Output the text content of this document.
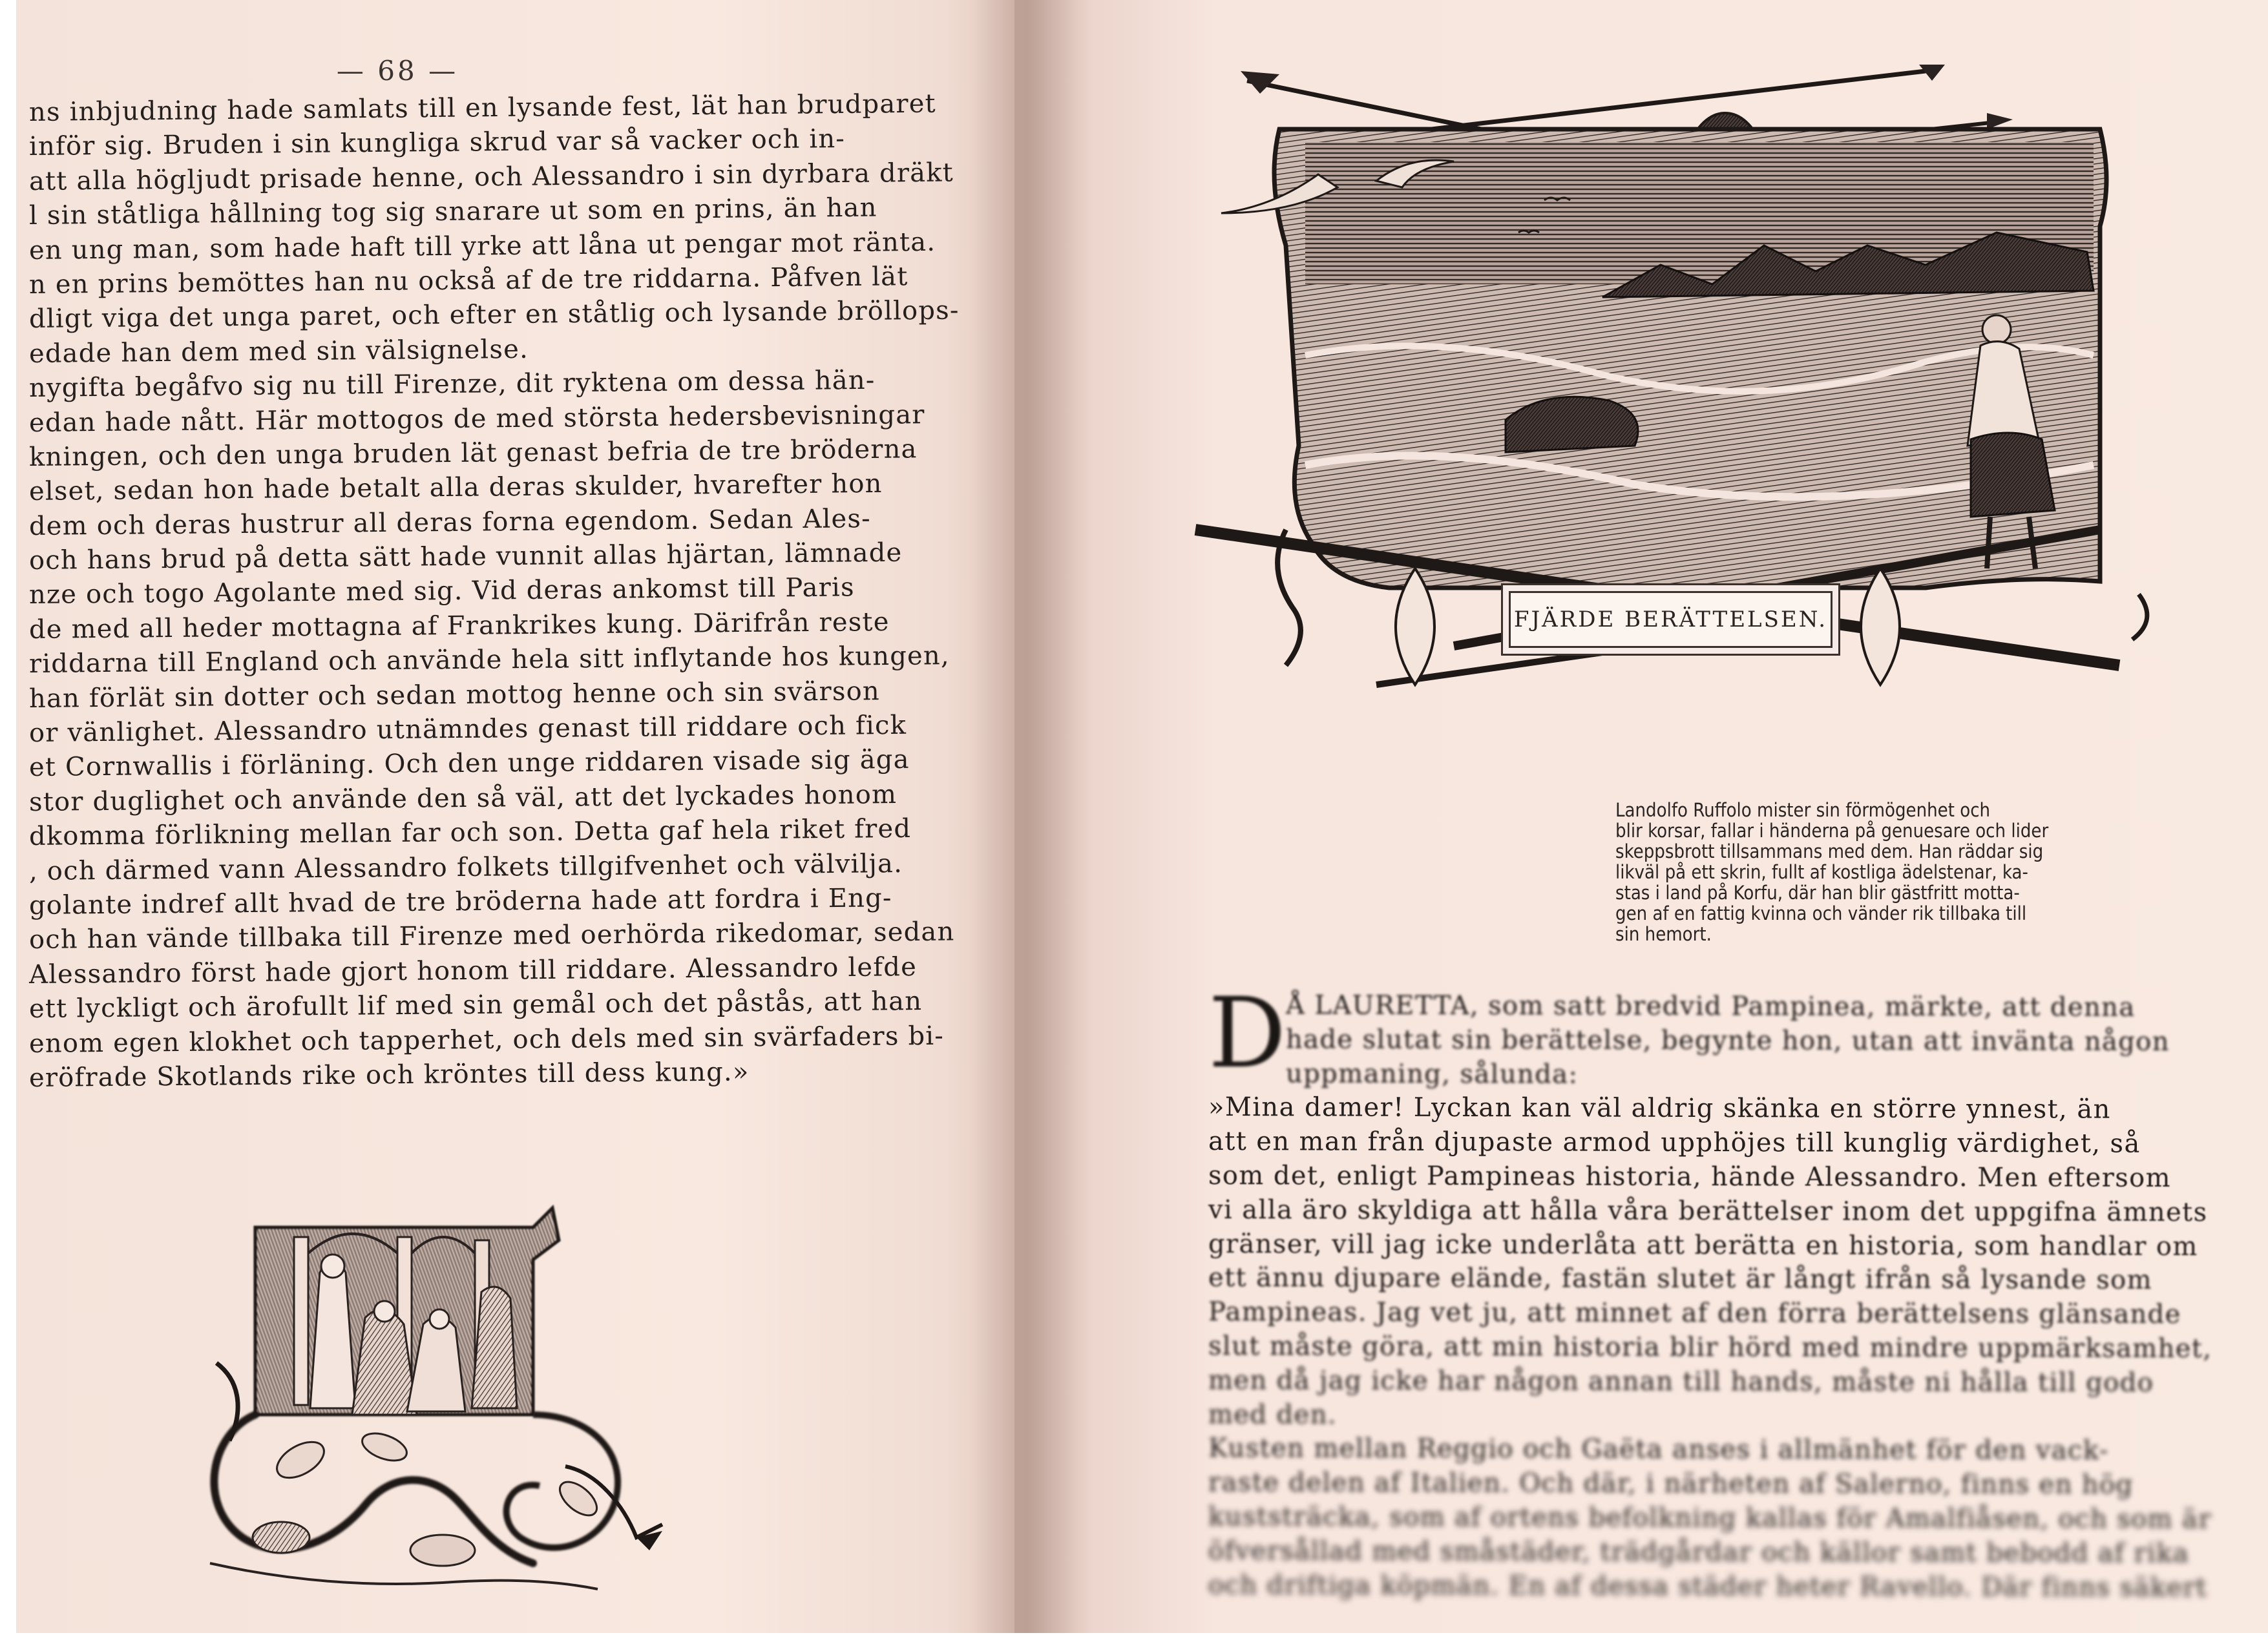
— 68 —
ns inbjudning hade samlats till en lysande fest, lät han brudparet
inför sig. Bruden i sin kungliga skrud var så vacker och in-
att alla högljudt prisade henne, och Alessandro i sin dyrbara dräkt
l sin ståtliga hållning tog sig snarare ut som en prins, än han
en ung man, som hade haft till yrke att låna ut pengar mot ränta.
n en prins bemöttes han nu också af de tre riddarna. Påfven lät
dligt viga det unga paret, och efter en ståtlig och lysande bröllops-
edade han dem med sin välsignelse.
nygifta begåfvo sig nu till Firenze, dit ryktena om dessa hän-
edan hade nått. Här mottogos de med största hedersbevisningar
kningen, och den unga bruden lät genast befria de tre bröderna
elset, sedan hon hade betalt alla deras skulder, hvarefter hon
dem och deras hustrur all deras forna egendom. Sedan Ales-
och hans brud på detta sätt hade vunnit allas hjärtan, lämnade
nze och togo Agolante med sig. Vid deras ankomst till Paris
de med all heder mottagna af Frankrikes kung. Därifrån reste
riddarna till England och använde hela sitt inflytande hos kungen,
han förlät sin dotter och sedan mottog henne och sin svärson
or vänlighet. Alessandro utnämndes genast till riddare och fick
et Cornwallis i förläning. Och den unge riddaren visade sig äga
stor duglighet och använde den så väl, att det lyckades honom
dkomma förlikning mellan far och son. Detta gaf hela riket fred
, och därmed vann Alessandro folkets tillgifvenhet och välvilja.
golante indref allt hvad de tre bröderna hade att fordra i Eng-
och han vände tillbaka till Firenze med oerhörda rikedomar, sedan
Alessandro först hade gjort honom till riddare. Alessandro lefde
ett lyckligt och ärofullt lif med sin gemål och det påstås, att han
enom egen klokhet och tapperhet, och dels med sin svärfaders bi-
eröfrade Skotlands rike och kröntes till dess kung.»
FJÄRDE BERÄTTELSEN.
Landolfo Ruffolo mister sin förmögenhet och
blir korsar, fallar i händerna på genuesare och lider
skeppsbrott tillsammans med dem. Han räddar sig
likväl på ett skrin, fullt af kostliga ädelstenar, ka-
stas i land på Korfu, där han blir gästfritt motta-
gen af en fattig kvinna och vänder rik tillbaka till
sin hemort.
D Å LAURETTA, som satt bredvid Pampinea, märkte, att denna
hade slutat sin berättelse, begynte hon, utan att invänta någon
uppmaning, sålunda:
»Mina damer! Lyckan kan väl aldrig skänka en större ynnest, än
att en man från djupaste armod upphöjes till kunglig värdighet, så
som det, enligt Pampineas historia, hände Alessandro. Men eftersom
vi alla äro skyldiga att hålla våra berättelser inom det uppgifna ämnets
gränser, vill jag icke underlåta att berätta en historia, som handlar om
ett ännu djupare elände, fastän slutet är långt ifrån så lysande som
Pampineas. Jag vet ju, att minnet af den förra berättelsens glänsande
slut måste göra, att min historia blir hörd med mindre uppmärksamhet,
men då jag icke har någon annan till hands, måste ni hålla till godo
med den.
Kusten mellan Reggio och Gaëta anses i allmänhet för den vack-
raste delen af Italien. Och där, i närheten af Salerno, finns en hög
kuststräcka, som af ortens befolkning kallas för Amalfiåsen, och som är
öfversållad med småstäder, trädgårdar och källor samt bebodd af rika
och driftiga köpmän. En af dessa städer heter Ravello. Där finns säkert
